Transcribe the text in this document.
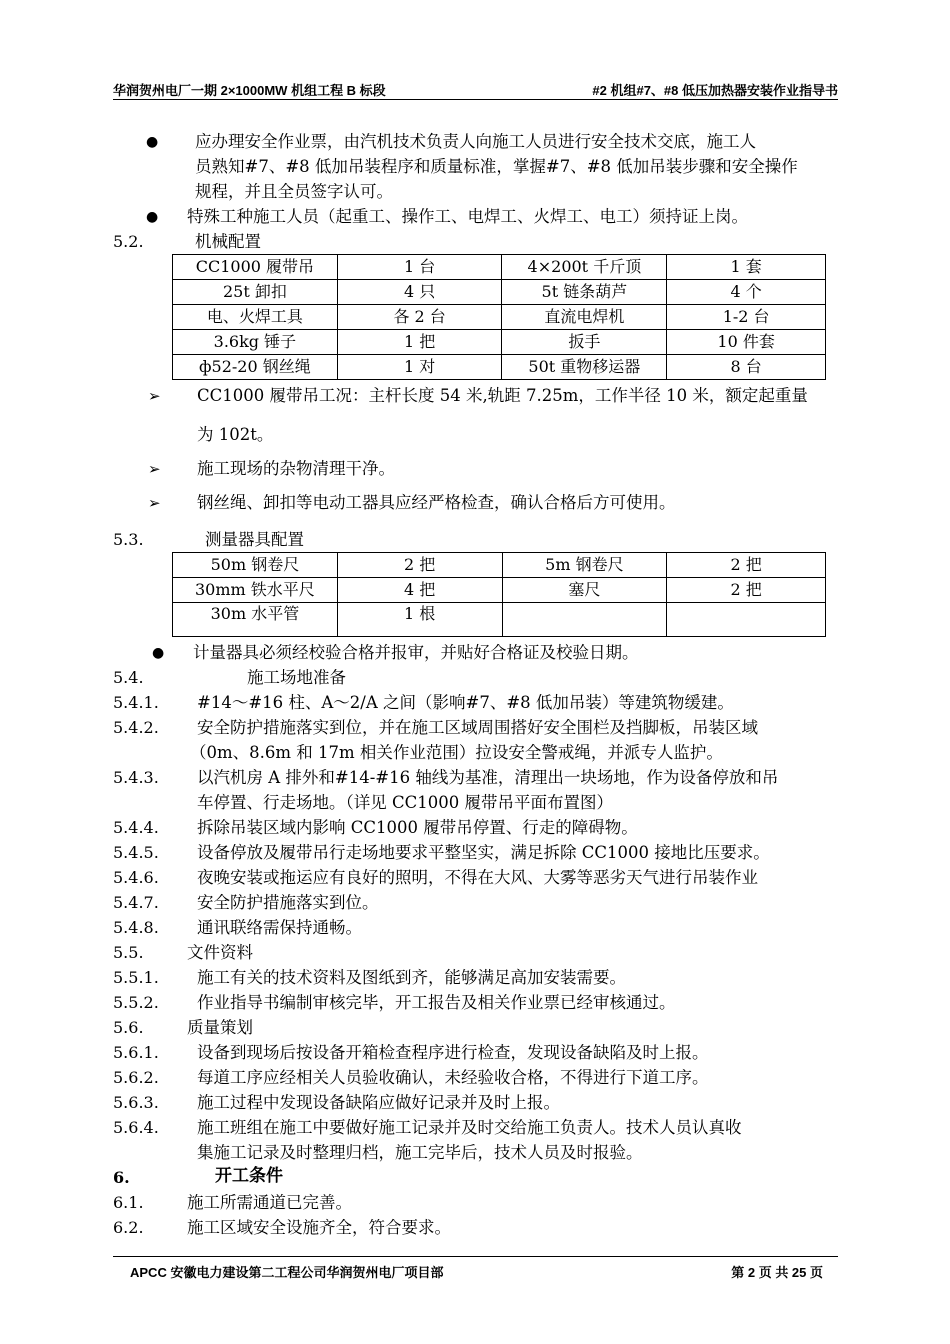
华润贺州电厂一期 2×1000MW 机组工程 B 标段	#2 机组#7、#8 低压加热器安装作业指导书
● 应办理安全作业票，由汽机技术负责人向施工人员进行安全技术交底，施工人
员熟知#7、#8 低加吊装程序和质量标准，掌握#7、#8 低加吊装步骤和安全操作
规程，并且全员签字认可。
● 特殊工种施工人员（起重工、操作工、电焊工、火焊工、电工）须持证上岗。
5.2.	机械配置
CC1000 履带吊	1 台	4×200t 千斤顶	1 套
25t 卸扣	4 只	5t 链条葫芦	4 个
电、火焊工具	各 2 台	直流电焊机	1-2 台
3.6kg 锤子	1 把	扳手	10 件套
ф52-20 钢丝绳	1 对	50t 重物移运器	8 台
➢ CC1000 履带吊工况：主杆长度 54 米,轨距 7.25m，工作半径 10 米，额定起重量
为 102t。
➢ 施工现场的杂物清理干净。
➢ 钢丝绳、卸扣等电动工器具应经严格检查，确认合格后方可使用。
5.3.	测量器具配置
50m 钢卷尺	2 把	5m 钢卷尺	2 把
30mm 铁水平尺	4 把	塞尺	2 把
30m 水平管	1 根		
● 计量器具必须经校验合格并报审，并贴好合格证及校验日期。
5.4.	施工场地准备
5.4.1. #14～#16 柱、A～2/A 之间（影响#7、#8 低加吊装）等建筑物缓建。
5.4.2. 安全防护措施落实到位，并在施工区域周围搭好安全围栏及挡脚板，吊装区域
（0m、8.6m 和 17m 相关作业范围）拉设安全警戒绳，并派专人监护。
5.4.3. 以汽机房 A 排外和#14-#16 轴线为基准，清理出一块场地，作为设备停放和吊
车停置、行走场地。（详见 CC1000 履带吊平面布置图）
5.4.4. 拆除吊装区域内影响 CC1000 履带吊停置、行走的障碍物。
5.4.5. 设备停放及履带吊行走场地要求平整坚实，满足拆除 CC1000 接地比压要求。
5.4.6. 夜晚安装或拖运应有良好的照明，不得在大风、大雾等恶劣天气进行吊装作业
5.4.7. 安全防护措施落实到位。
5.4.8. 通讯联络需保持通畅。
5.5.	文件资料
5.5.1. 施工有关的技术资料及图纸到齐，能够满足高加安装需要。
5.5.2. 作业指导书编制审核完毕，开工报告及相关作业票已经审核通过。
5.6.	质量策划
5.6.1. 设备到现场后按设备开箱检查程序进行检查，发现设备缺陷及时上报。
5.6.2. 每道工序应经相关人员验收确认，未经验收合格，不得进行下道工序。
5.6.3. 施工过程中发现设备缺陷应做好记录并及时上报。
5.6.4. 施工班组在施工中要做好施工记录并及时交给施工负责人。技术人员认真收
集施工记录及时整理归档，施工完毕后，技术人员及时报验。
6.	开工条件
6.1.	施工所需通道已完善。
6.2.	施工区域安全设施齐全，符合要求。
APCC 安徽电力建设第二工程公司华润贺州电厂项目部	第 2 页 共 25 页
